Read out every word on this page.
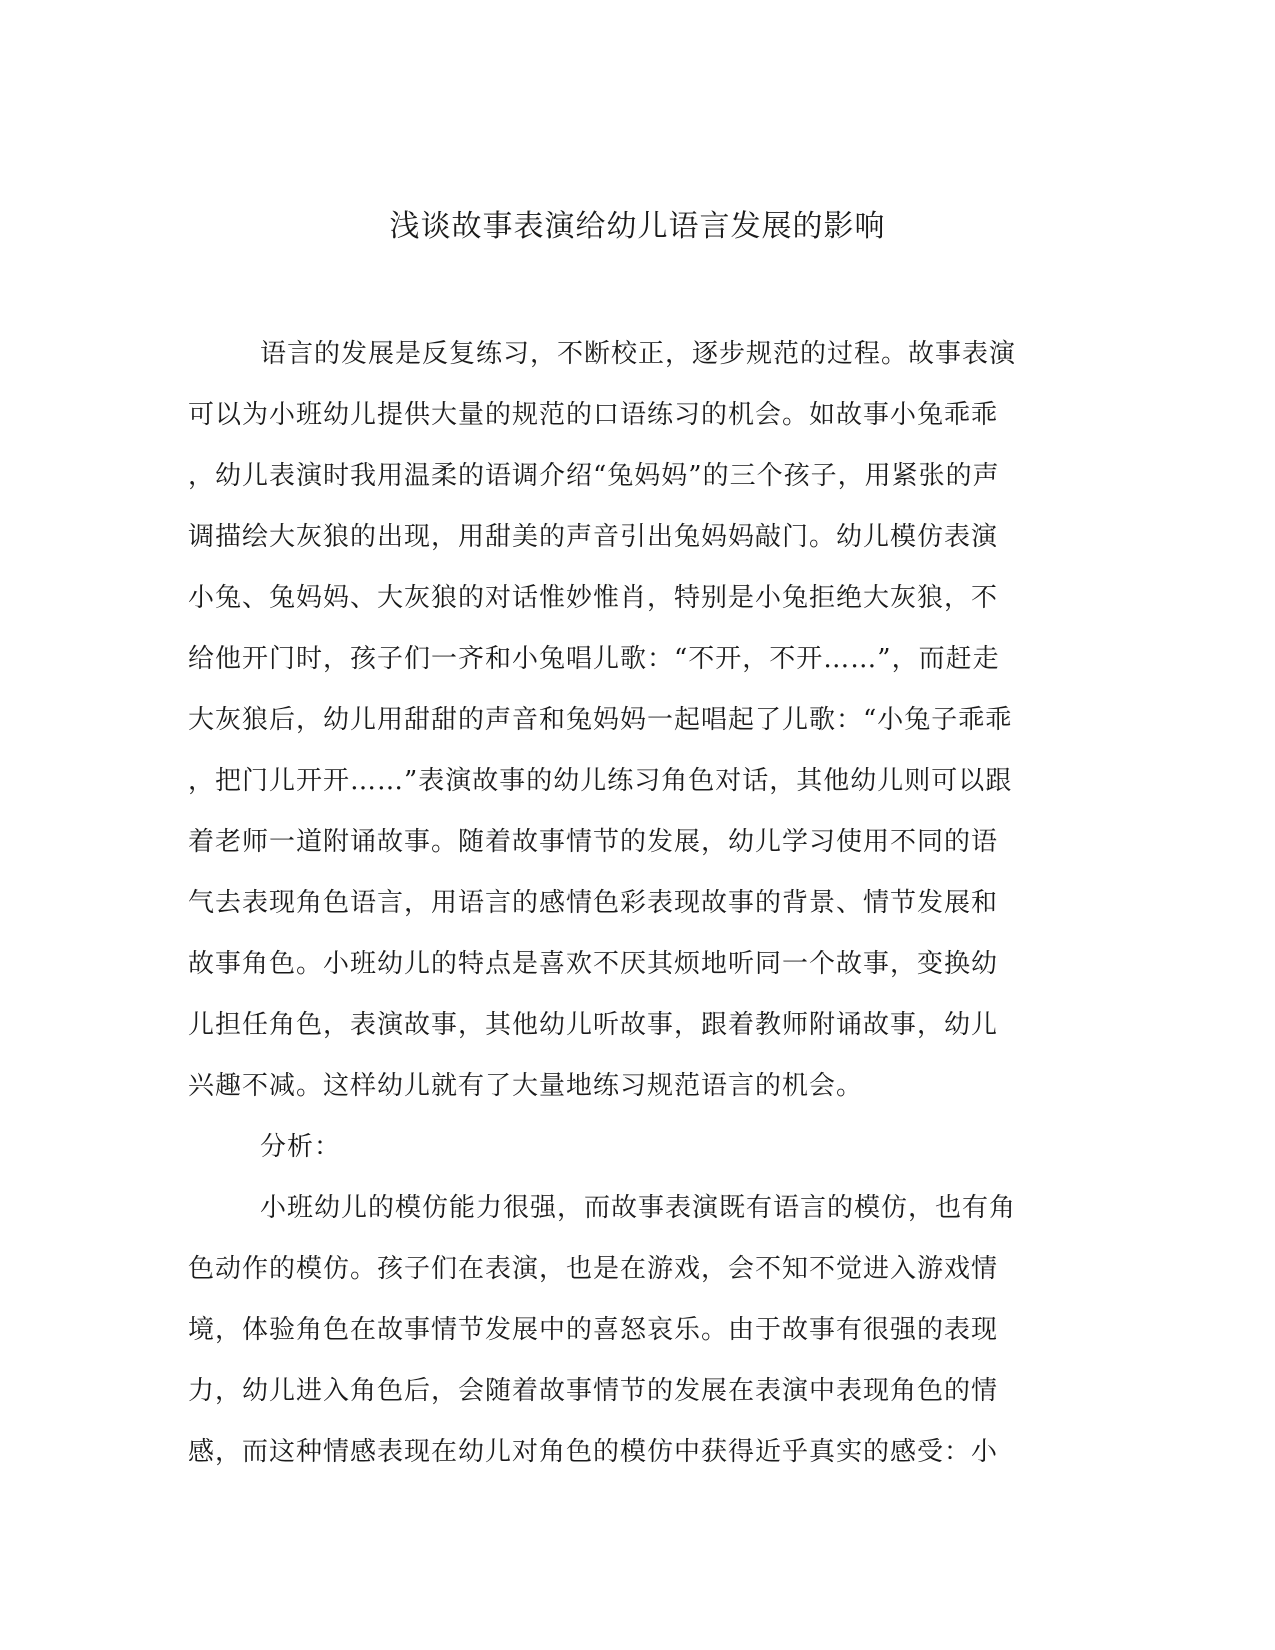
浅谈故事表演给幼儿语言发展的影响
语言的发展是反复练习，不断校正，逐步规范的过程。故事表演
可以为小班幼儿提供大量的规范的口语练习的机会。如故事小兔乖乖
，幼儿表演时我用温柔的语调介绍“兔妈妈”的三个孩子，用紧张的声
调描绘大灰狼的出现，用甜美的声音引出兔妈妈敲门。幼儿模仿表演
小兔、兔妈妈、大灰狼的对话惟妙惟肖，特别是小兔拒绝大灰狼，不
给他开门时，孩子们一齐和小兔唱儿歌：“不开，不开……”，而赶走
大灰狼后，幼儿用甜甜的声音和兔妈妈一起唱起了儿歌：“小兔子乖乖
，把门儿开开……”表演故事的幼儿练习角色对话，其他幼儿则可以跟
着老师一道附诵故事。随着故事情节的发展，幼儿学习使用不同的语
气去表现角色语言，用语言的感情色彩表现故事的背景、情节发展和
故事角色。小班幼儿的特点是喜欢不厌其烦地听同一个故事，变换幼
儿担任角色，表演故事，其他幼儿听故事，跟着教师附诵故事，幼儿
兴趣不减。这样幼儿就有了大量地练习规范语言的机会。
分析：
小班幼儿的模仿能力很强，而故事表演既有语言的模仿，也有角
色动作的模仿。孩子们在表演，也是在游戏，会不知不觉进入游戏情
境，体验角色在故事情节发展中的喜怒哀乐。由于故事有很强的表现
力，幼儿进入角色后，会随着故事情节的发展在表演中表现角色的情
感，而这种情感表现在幼儿对角色的模仿中获得近乎真实的感受：小
